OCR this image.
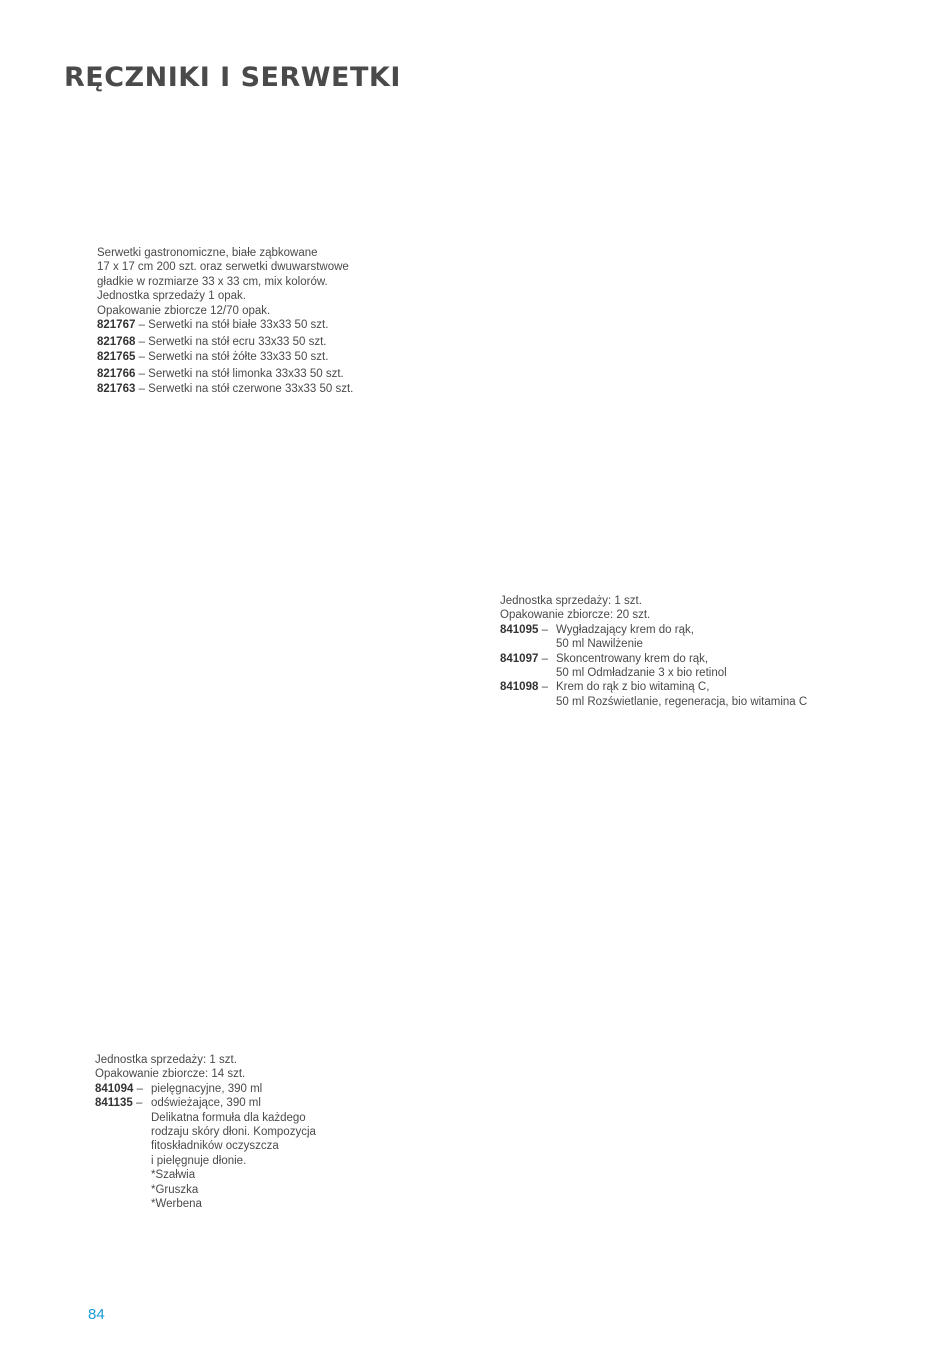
RĘCZNIKI I SERWETKI
Serwetki gastronomiczne, białe ząbkowane
17 x 17 cm 200 szt. oraz serwetki dwuwarstwowe
gładkie w rozmiarze 33 x 33 cm, mix kolorów.
Jednostka sprzedaży 1 opak.
Opakowanie zbiorcze 12/70 opak.
821767 – Serwetki na stół białe 33x33 50 szt.
821768 – Serwetki na stół ecru 33x33 50 szt.
821765 – Serwetki na stół żółte 33x33 50 szt.
821766 – Serwetki na stół limonka 33x33 50 szt.
821763 – Serwetki na stół czerwone 33x33 50 szt.
Jednostka sprzedaży: 1 szt.
Opakowanie zbiorcze: 20 szt.
841095 – Wygładzający krem do rąk,
50 ml Nawilżenie
841097 – Skoncentrowany krem do rąk,
50 ml Odmładzanie 3 x bio retinol
841098 – Krem do rąk z bio witaminą C,
50 ml Rozświetlanie, regeneracja, bio witamina C
Jednostka sprzedaży: 1 szt.
Opakowanie zbiorcze: 14 szt.
841094 – pielęgnacyjne, 390 ml
841135 – odświeżające, 390 ml
Delikatna formuła dla każdego
rodzaju skóry dłoni. Kompozycja
fitoskładników oczyszcza
i pielęgnuje dłonie.
*Szałwia
*Gruszka
*Werbena
84
